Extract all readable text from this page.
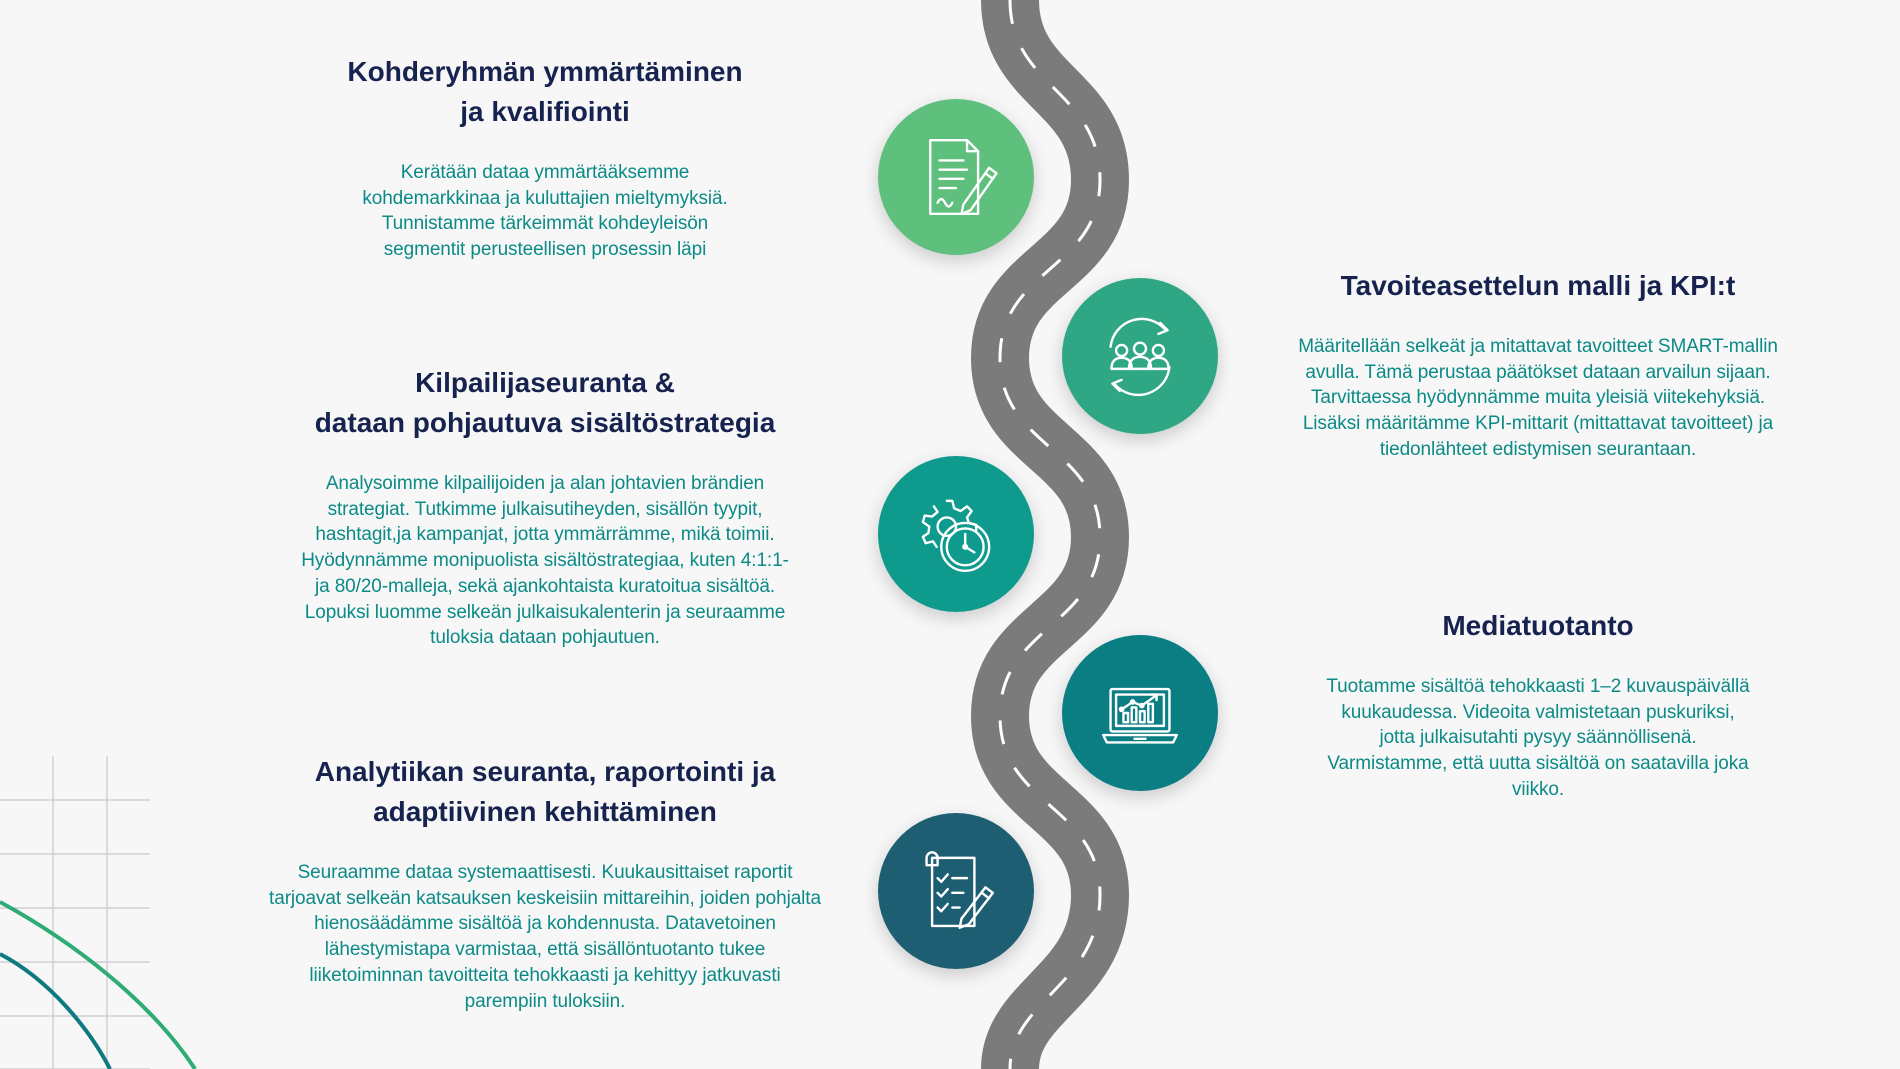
Kohderyhmän ymmärtäminen
ja kvalifiointi

Kerätään dataa ymmärtääksemme
kohdemarkkinaa ja kuluttajien mieltymyksiä.
Tunnistamme tärkeimmät kohdeyleisön
segmentit perusteellisen prosessin läpi

Kilpailijaseuranta &
dataan pohjautuva sisältöstrategia

Analysoimme kilpailijoiden ja alan johtavien brändien
strategiat. Tutkimme julkaisutiheyden, sisällön tyypit,
hashtagit,ja kampanjat, jotta ymmärrämme, mikä toimii.
Hyödynnämme monipuolista sisältöstrategiaa, kuten 4:1:1-
ja 80/20-malleja, sekä ajankohtaista kuratoitua sisältöä.
Lopuksi luomme selkeän julkaisukalenterin ja seuraamme
tuloksia dataan pohjautuen.

Analytiikan seuranta, raportointi ja
adaptiivinen kehittäminen

Seuraamme dataa systemaattisesti. Kuukausittaiset raportit
tarjoavat selkeän katsauksen keskeisiin mittareihin, joiden pohjalta
hienosäädämme sisältöä ja kohdennusta. Datavetoinen
lähestymistapa varmistaa, että sisällöntuotanto tukee
liiketoiminnan tavoitteita tehokkaasti ja kehittyy jatkuvasti
parempiin tuloksiin.

Tavoiteasettelun malli ja KPI:t

Määritellään selkeät ja mitattavat tavoitteet SMART-mallin
avulla. Tämä perustaa päätökset dataan arvailun sijaan.
Tarvittaessa hyödynnämme muita yleisiä viitekehyksiä.
Lisäksi määritämme KPI-mittarit (mittattavat tavoitteet) ja
tiedonlähteet edistymisen seurantaan.

Mediatuotanto

Tuotamme sisältöä tehokkaasti 1–2 kuvauspäivällä
kuukaudessa. Videoita valmistetaan puskuriksi,
jotta julkaisutahti pysyy säännöllisenä.
Varmistamme, että uutta sisältöä on saatavilla joka
viikko.
